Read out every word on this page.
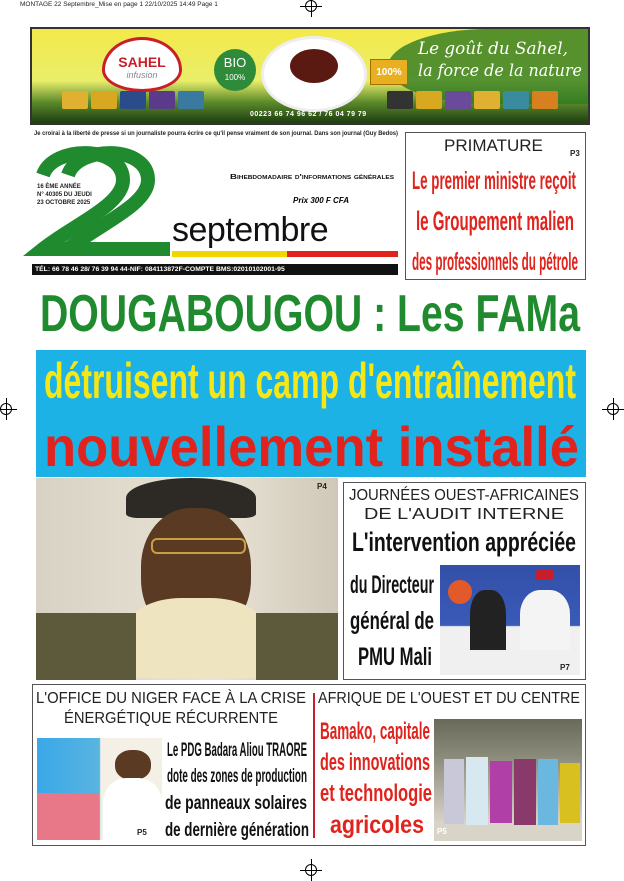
MONTAGE 22 Septembre_Mise en page 1 22/10/2025 14:49 Page 1
SAHEL
infusion
BIO
100%	100%
Le goût du Sahel,
la force de la nature
00223 66 74 96 62 / 76 04 79 79
Je croirai à la liberté de presse si un journaliste pourra écrire ce qu'il pense vraiment de son journal. Dans son journal (Guy Bedos)
16 ÈME ANNÉE
N° 40305 DU JEUDI
23 OCTOBRE 2025
Bihebdomadaire d'informations générales
Prix 300 F CFA
septembre
TÉL: 66 78 46 28/ 76 39 94 44-NIF: 084113872F-COMPTE BMS:02010102001-95
PRIMATURE	P3
Le premier ministre reçoit
le Groupement malien
des professionnels du pétrole
DOUGABOUGOU : Les FAMa
détruisent un camp d'entraînement
nouvellement installé
P4
JOURNÉES OUEST-AFRICAINES
DE L'AUDIT INTERNE
L'intervention appréciée
P7
du Directeur
général de
PMU Mali
L'OFFICE DU NIGER FACE À LA CRISE
ÉNERGÉTIQUE RÉCURRENTE
P5
Le PDG Badara Aliou TRAORE
dote des zones de production
de panneaux solaires
de dernière génération
AFRIQUE DE L'OUEST ET DU CENTRE
Bamako, capitale
des innovations
et technologie
agricoles P5
